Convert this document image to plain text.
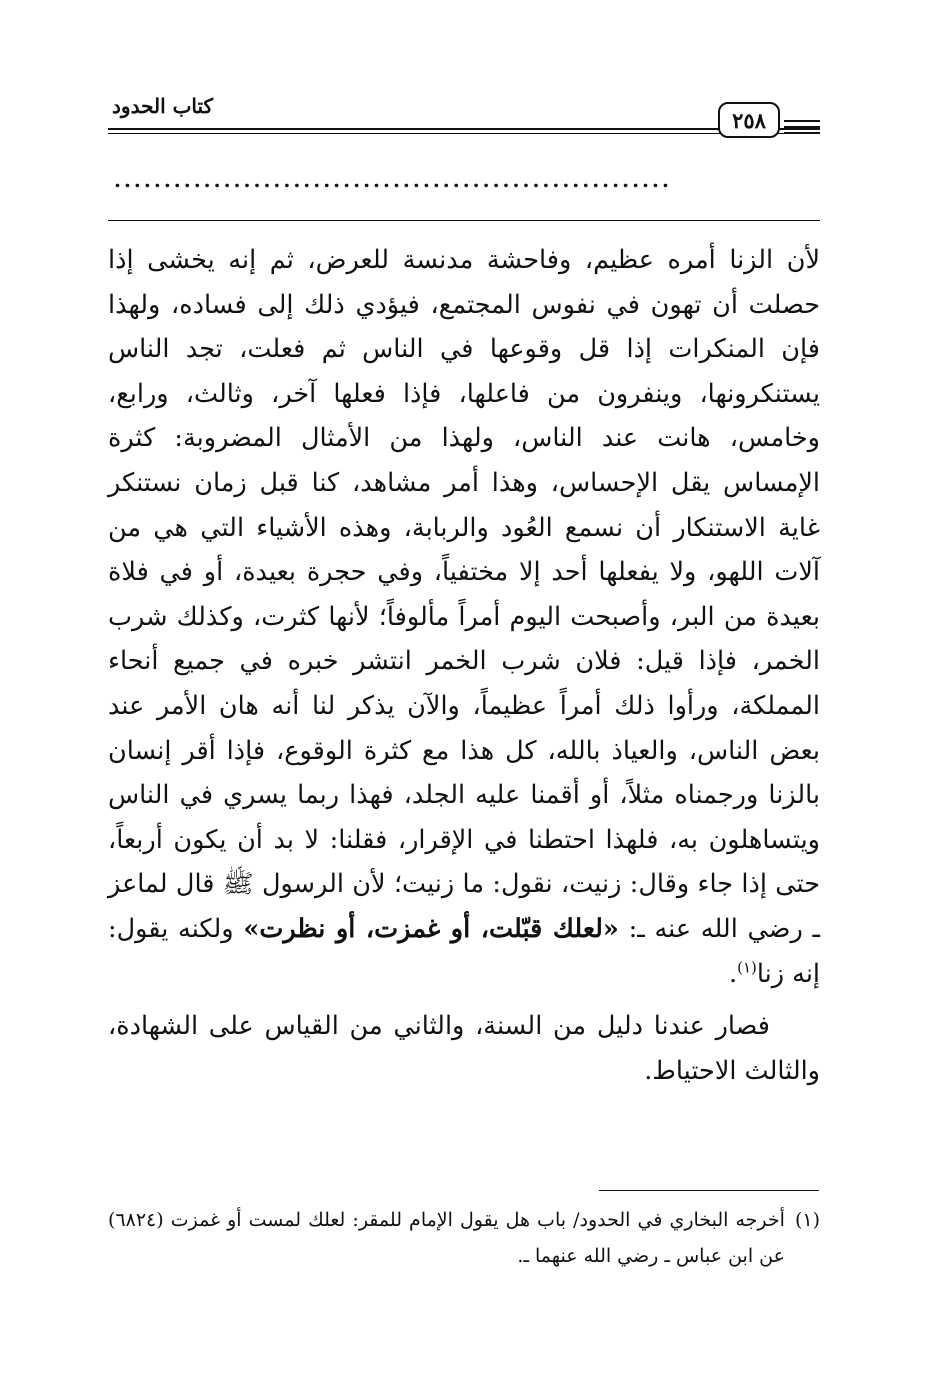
كتاب الحدود
٢٥٨
........................................................

لأن الزنا أمره عظيم، وفاحشة مدنسة للعرض، ثم إنه يخشى إذا حصلت أن تهون في نفوس المجتمع، فيؤدي ذلك إلى فساده، ولهذا فإن المنكرات إذا قل وقوعها في الناس ثم فعلت، تجد الناس يستنكرونها، وينفرون من فاعلها، فإذا فعلها آخر، وثالث، ورابع، وخامس، هانت عند الناس، ولهذا من الأمثال المضروبة: كثرة الإمساس يقل الإحساس، وهذا أمر مشاهد، كنا قبل زمان نستنكر غاية الاستنكار أن نسمع العُود والربابة، وهذه الأشياء التي هي من آلات اللهو، ولا يفعلها أحد إلا مختفياً، وفي حجرة بعيدة، أو في فلاة بعيدة من البر، وأصبحت اليوم أمراً مألوفاً؛ لأنها كثرت، وكذلك شرب الخمر، فإذا قيل: فلان شرب الخمر انتشر خبره في جميع أنحاء المملكة، ورأوا ذلك أمراً عظيماً، والآن يذكر لنا أنه هان الأمر عند بعض الناس، والعياذ بالله، كل هذا مع كثرة الوقوع، فإذا أقر إنسان بالزنا ورجمناه مثلاً، أو أقمنا عليه الجلد، فهذا ربما يسري في الناس ويتساهلون به، فلهذا احتطنا في الإقرار، فقلنا: لا بد أن يكون أربعاً، حتى إذا جاء وقال: زنيت، نقول: ما زنيت؛ لأن الرسول ﷺ قال لماعز ـ رضي الله عنه ـ: «لعلك قبّلت، أو غمزت، أو نظرت» ولكنه يقول: إنه زنا$^{(١)}$.

فصار عندنا دليل من السنة، والثاني من القياس على الشهادة، والثالث الاحتياط.

(١)
أخرجه البخاري في الحدود/ باب هل يقول الإمام للمقر: لعلك لمست أو غمزت (٦٨٢٤) عن ابن عباس ـ رضي الله عنهما ـ.
